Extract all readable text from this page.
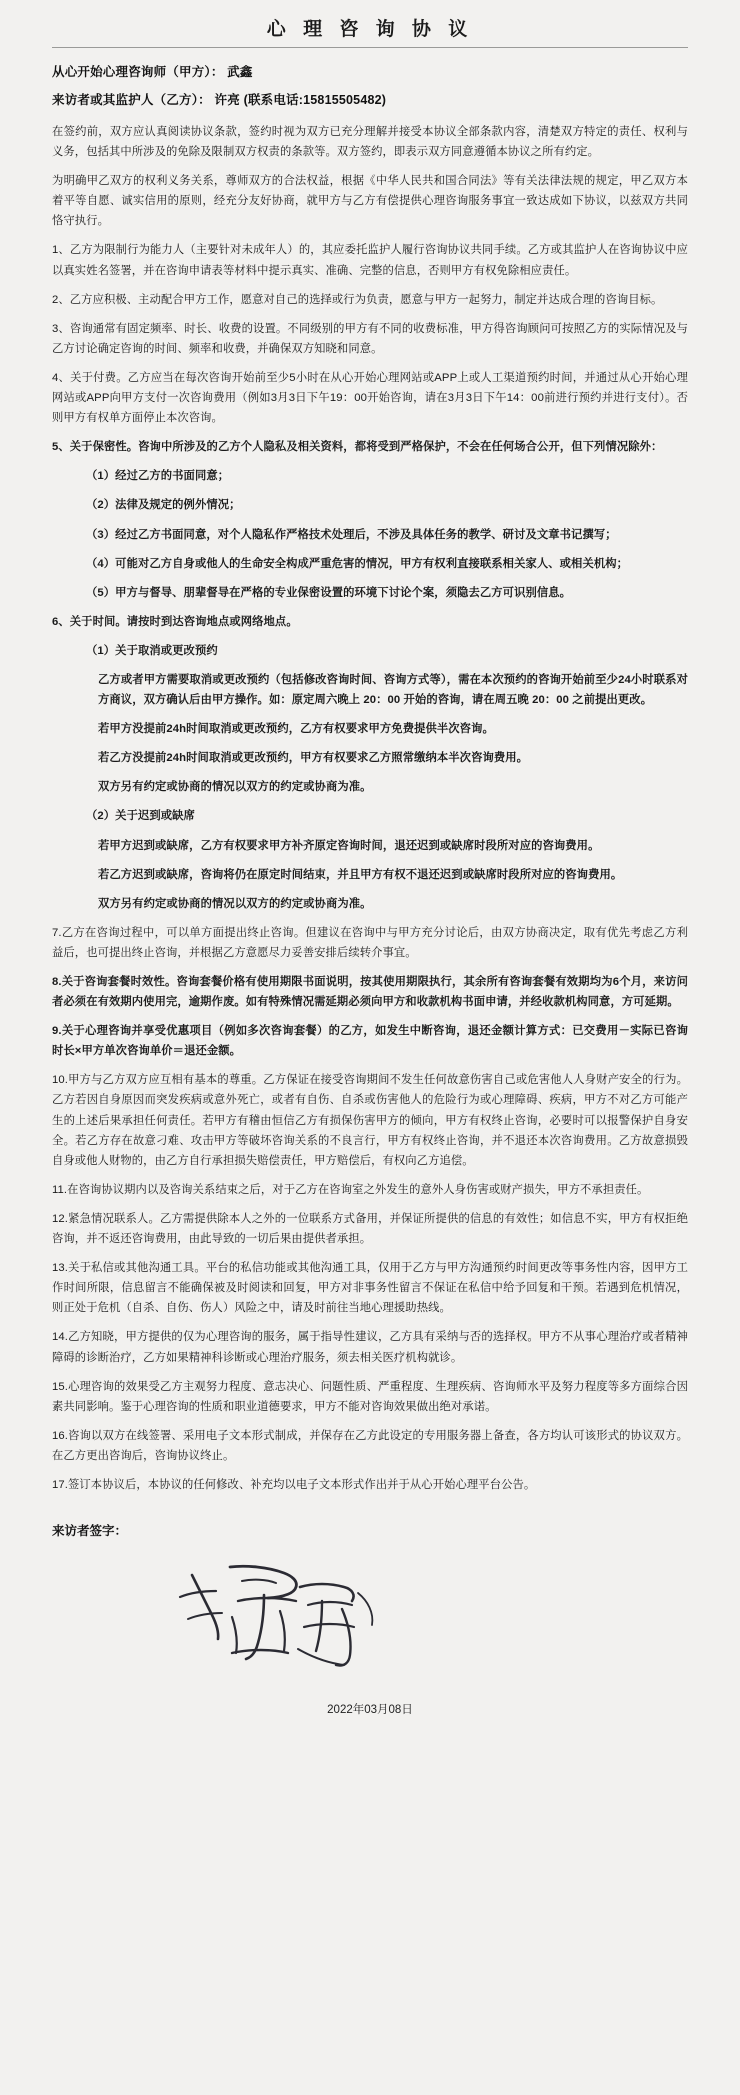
心 理 咨 询 协 议
从心开始心理咨询师（甲方）： 武鑫
来访者或其监护人（乙方）： 许亮 (联系电话:15815505482)

在签约前，双方应认真阅读协议条款，签约时视为双方已充分理解并接受本协议全部条款内容，清楚双方特定的责任、权利与义务，包括其中所涉及的免除及限制双方权责的条款等。双方签约，即表示双方同意遵循本协议之所有约定。

为明确甲乙双方的权利义务关系，尊师双方的合法权益，根据《中华人民共和国合同法》等有关法律法规的规定，甲乙双方本着平等自愿、诚实信用的原则，经充分友好协商，就甲方与乙方有偿提供心理咨询服务事宜一致达成如下协议，以兹双方共同恪守执行。

1、乙方为限制行为能力人（主要针对未成年人）的，其应委托监护人履行咨询协议共同手续。乙方或其监护人在咨询协议中应以真实姓名签署，并在咨询申请表等材料中提示真实、准确、完整的信息，否则甲方有权免除相应责任。

2、乙方应积极、主动配合甲方工作，愿意对自己的选择或行为负责，愿意与甲方一起努力，制定并达成合理的咨询目标。

3、咨询通常有固定频率、时长、收费的设置。不同级别的甲方有不同的收费标准，甲方得咨询顾问可按照乙方的实际情况及与乙方讨论确定咨询的时间、频率和收费，并确保双方知晓和同意。

4、关于付费。乙方应当在每次咨询开始前至少5小时在从心开始心理网站或APP上或人工渠道预约时间，并通过从心开始心理网站或APP向甲方支付一次咨询费用（例如3月3日下午19：00开始咨询，请在3月3日下午14：00前进行预约并进行支付）。否则甲方有权单方面停止本次咨询。

5、关于保密性。咨询中所涉及的乙方个人隐私及相关资料，都将受到严格保护，不会在任何场合公开，但下列情况除外：

（1）经过乙方的书面同意；

（2）法律及规定的例外情况；

（3）经过乙方书面同意，对个人隐私作严格技术处理后，不涉及具体任务的教学、研讨及文章书记撰写；

（4）可能对乙方自身或他人的生命安全构成严重危害的情况，甲方有权利直接联系相关家人、或相关机构；

（5）甲方与督导、朋辈督导在严格的专业保密设置的环境下讨论个案，须隐去乙方可识别信息。

6、关于时间。请按时到达咨询地点或网络地点。

（1）关于取消或更改预约

乙方或者甲方需要取消或更改预约（包括修改咨询时间、咨询方式等），需在本次预约的咨询开始前至少24小时联系对方商议，双方确认后由甲方操作。如：原定周六晚上 20：00 开始的咨询，请在周五晚 20：00 之前提出更改。

若甲方没提前24h时间取消或更改预约，乙方有权要求甲方免费提供半次咨询。

若乙方没提前24h时间取消或更改预约，甲方有权要求乙方照常缴纳本半次咨询费用。

双方另有约定或协商的情况以双方的约定或协商为准。

（2）关于迟到或缺席

若甲方迟到或缺席，乙方有权要求甲方补齐原定咨询时间，退还迟到或缺席时段所对应的咨询费用。

若乙方迟到或缺席，咨询将仍在原定时间结束，并且甲方有权不退还迟到或缺席时段所对应的咨询费用。

双方另有约定或协商的情况以双方的约定或协商为准。

7.乙方在咨询过程中，可以单方面提出终止咨询。但建议在咨询中与甲方充分讨论后，由双方协商决定，取有优先考虑乙方利益后，也可提出终止咨询，并根据乙方意愿尽力妥善安排后续转介事宜。

8.关于咨询套餐时效性。咨询套餐价格有使用期限书面说明，按其使用期限执行，其余所有咨询套餐有效期均为6个月，来访问者必须在有效期内使用完，逾期作废。如有特殊情况需延期必须向甲方和收款机构书面申请，并经收款机构同意，方可延期。

9.关于心理咨询并享受优惠项目（例如多次咨询套餐）的乙方，如发生中断咨询，退还金额计算方式：已交费用－实际已咨询时长×甲方单次咨询单价＝退还金额。

10.甲方与乙方双方应互相有基本的尊重。乙方保证在接受咨询期间不发生任何故意伤害自己或危害他人人身财产安全的行为。乙方若因自身原因而突发疾病或意外死亡，或者有自伤、自杀或伤害他人的危险行为或心理障碍、疾病，甲方不对乙方可能产生的上述后果承担任何责任。若甲方有稽由恒信乙方有损保伤害甲方的倾向，甲方有权终止咨询，必要时可以报警保护自身安全。若乙方存在故意刁难、攻击甲方等破坏咨询关系的不良言行，甲方有权终止咨询，并不退还本次咨询费用。乙方故意损毁自身或他人财物的，由乙方自行承担损失赔偿责任，甲方赔偿后，有权向乙方追偿。

11.在咨询协议期内以及咨询关系结束之后，对于乙方在咨询室之外发生的意外人身伤害或财产损失，甲方不承担责任。

12.紧急情况联系人。乙方需提供除本人之外的一位联系方式备用，并保证所提供的信息的有效性；如信息不实，甲方有权拒绝咨询，并不返还咨询费用，由此导致的一切后果由提供者承担。

13.关于私信或其他沟通工具。平台的私信功能或其他沟通工具，仅用于乙方与甲方沟通预约时间更改等事务性内容，因甲方工作时间所限，信息留言不能确保被及时阅读和回复，甲方对非事务性留言不保证在私信中给予回复和干预。若遇到危机情况，则正处于危机（自杀、自伤、伤人）风险之中，请及时前往当地心理援助热线。

14.乙方知晓，甲方提供的仅为心理咨询的服务，属于指导性建议，乙方具有采纳与否的选择权。甲方不从事心理治疗或者精神障碍的诊断治疗，乙方如果精神科诊断或心理治疗服务，须去相关医疗机构就诊。

15.心理咨询的效果受乙方主观努力程度、意志决心、问题性质、严重程度、生理疾病、咨询师水平及努力程度等多方面综合因素共同影响。鉴于心理咨询的性质和职业道德要求，甲方不能对咨询效果做出绝对承诺。

16.咨询以双方在线签署、采用电子文本形式制成，并保存在乙方此设定的专用服务器上备查，各方均认可该形式的协议双方。在乙方更出咨询后，咨询协议终止。

17.签订本协议后，本协议的任何修改、补充均以电子文本形式作出并于从心开始心理平台公告。

来访者签字：
2022年03月08日
